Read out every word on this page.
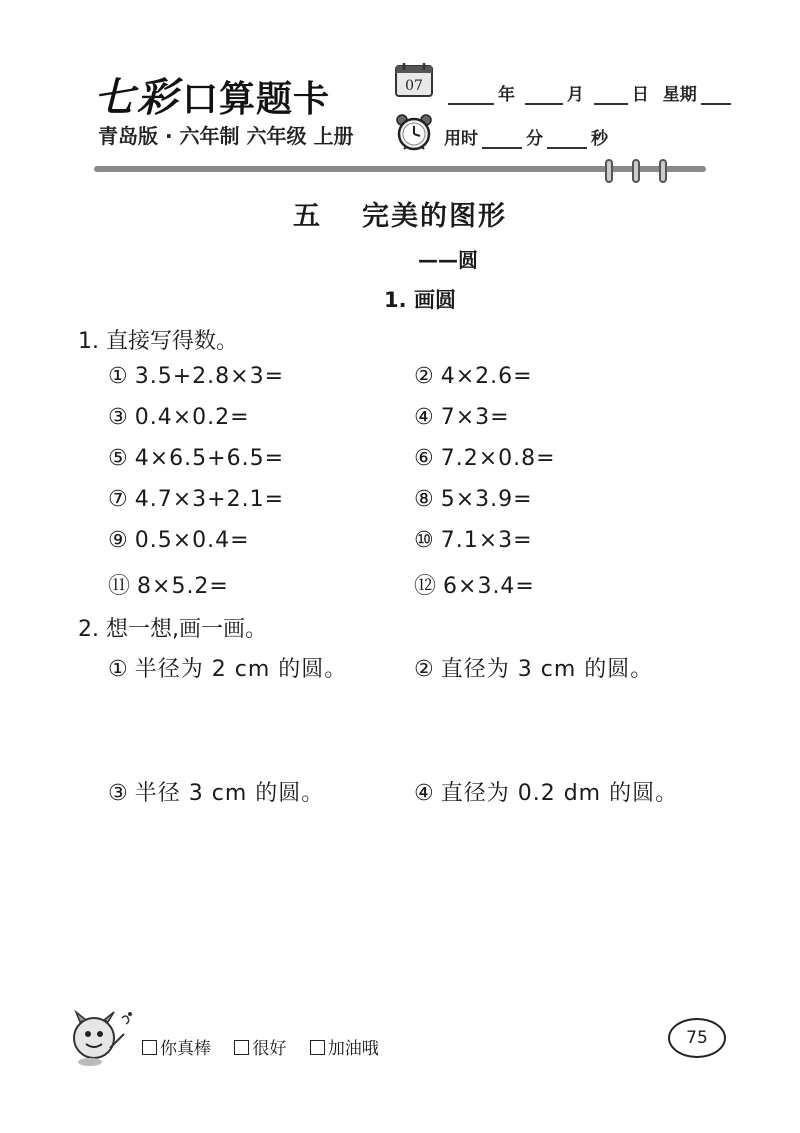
七彩 口算题卡
青岛版 · 六年制 六年级 上册
07	年	月	日 星期
用时	分	秒
五 完美的图形
——圆
1. 画圆
1. 直接写得数。
① 3.5+2.8×3=	② 4×2.6=
③ 0.4×0.2=	④ 7×3=
⑤ 4×6.5+6.5=	⑥ 7.2×0.8=
⑦ 4.7×3+2.1=	⑧ 5×3.9=
⑨ 0.5×0.4=	⑩ 7.1×3=
⑪ 8×5.2=	⑫ 6×3.4=
2. 想一想,画一画。
① 半径为 2 cm 的圆。	② 直径为 3 cm 的圆。
③ 半径 3 cm 的圆。	④ 直径为 0.2 dm 的圆。
你真棒 很好 加油哦
75
